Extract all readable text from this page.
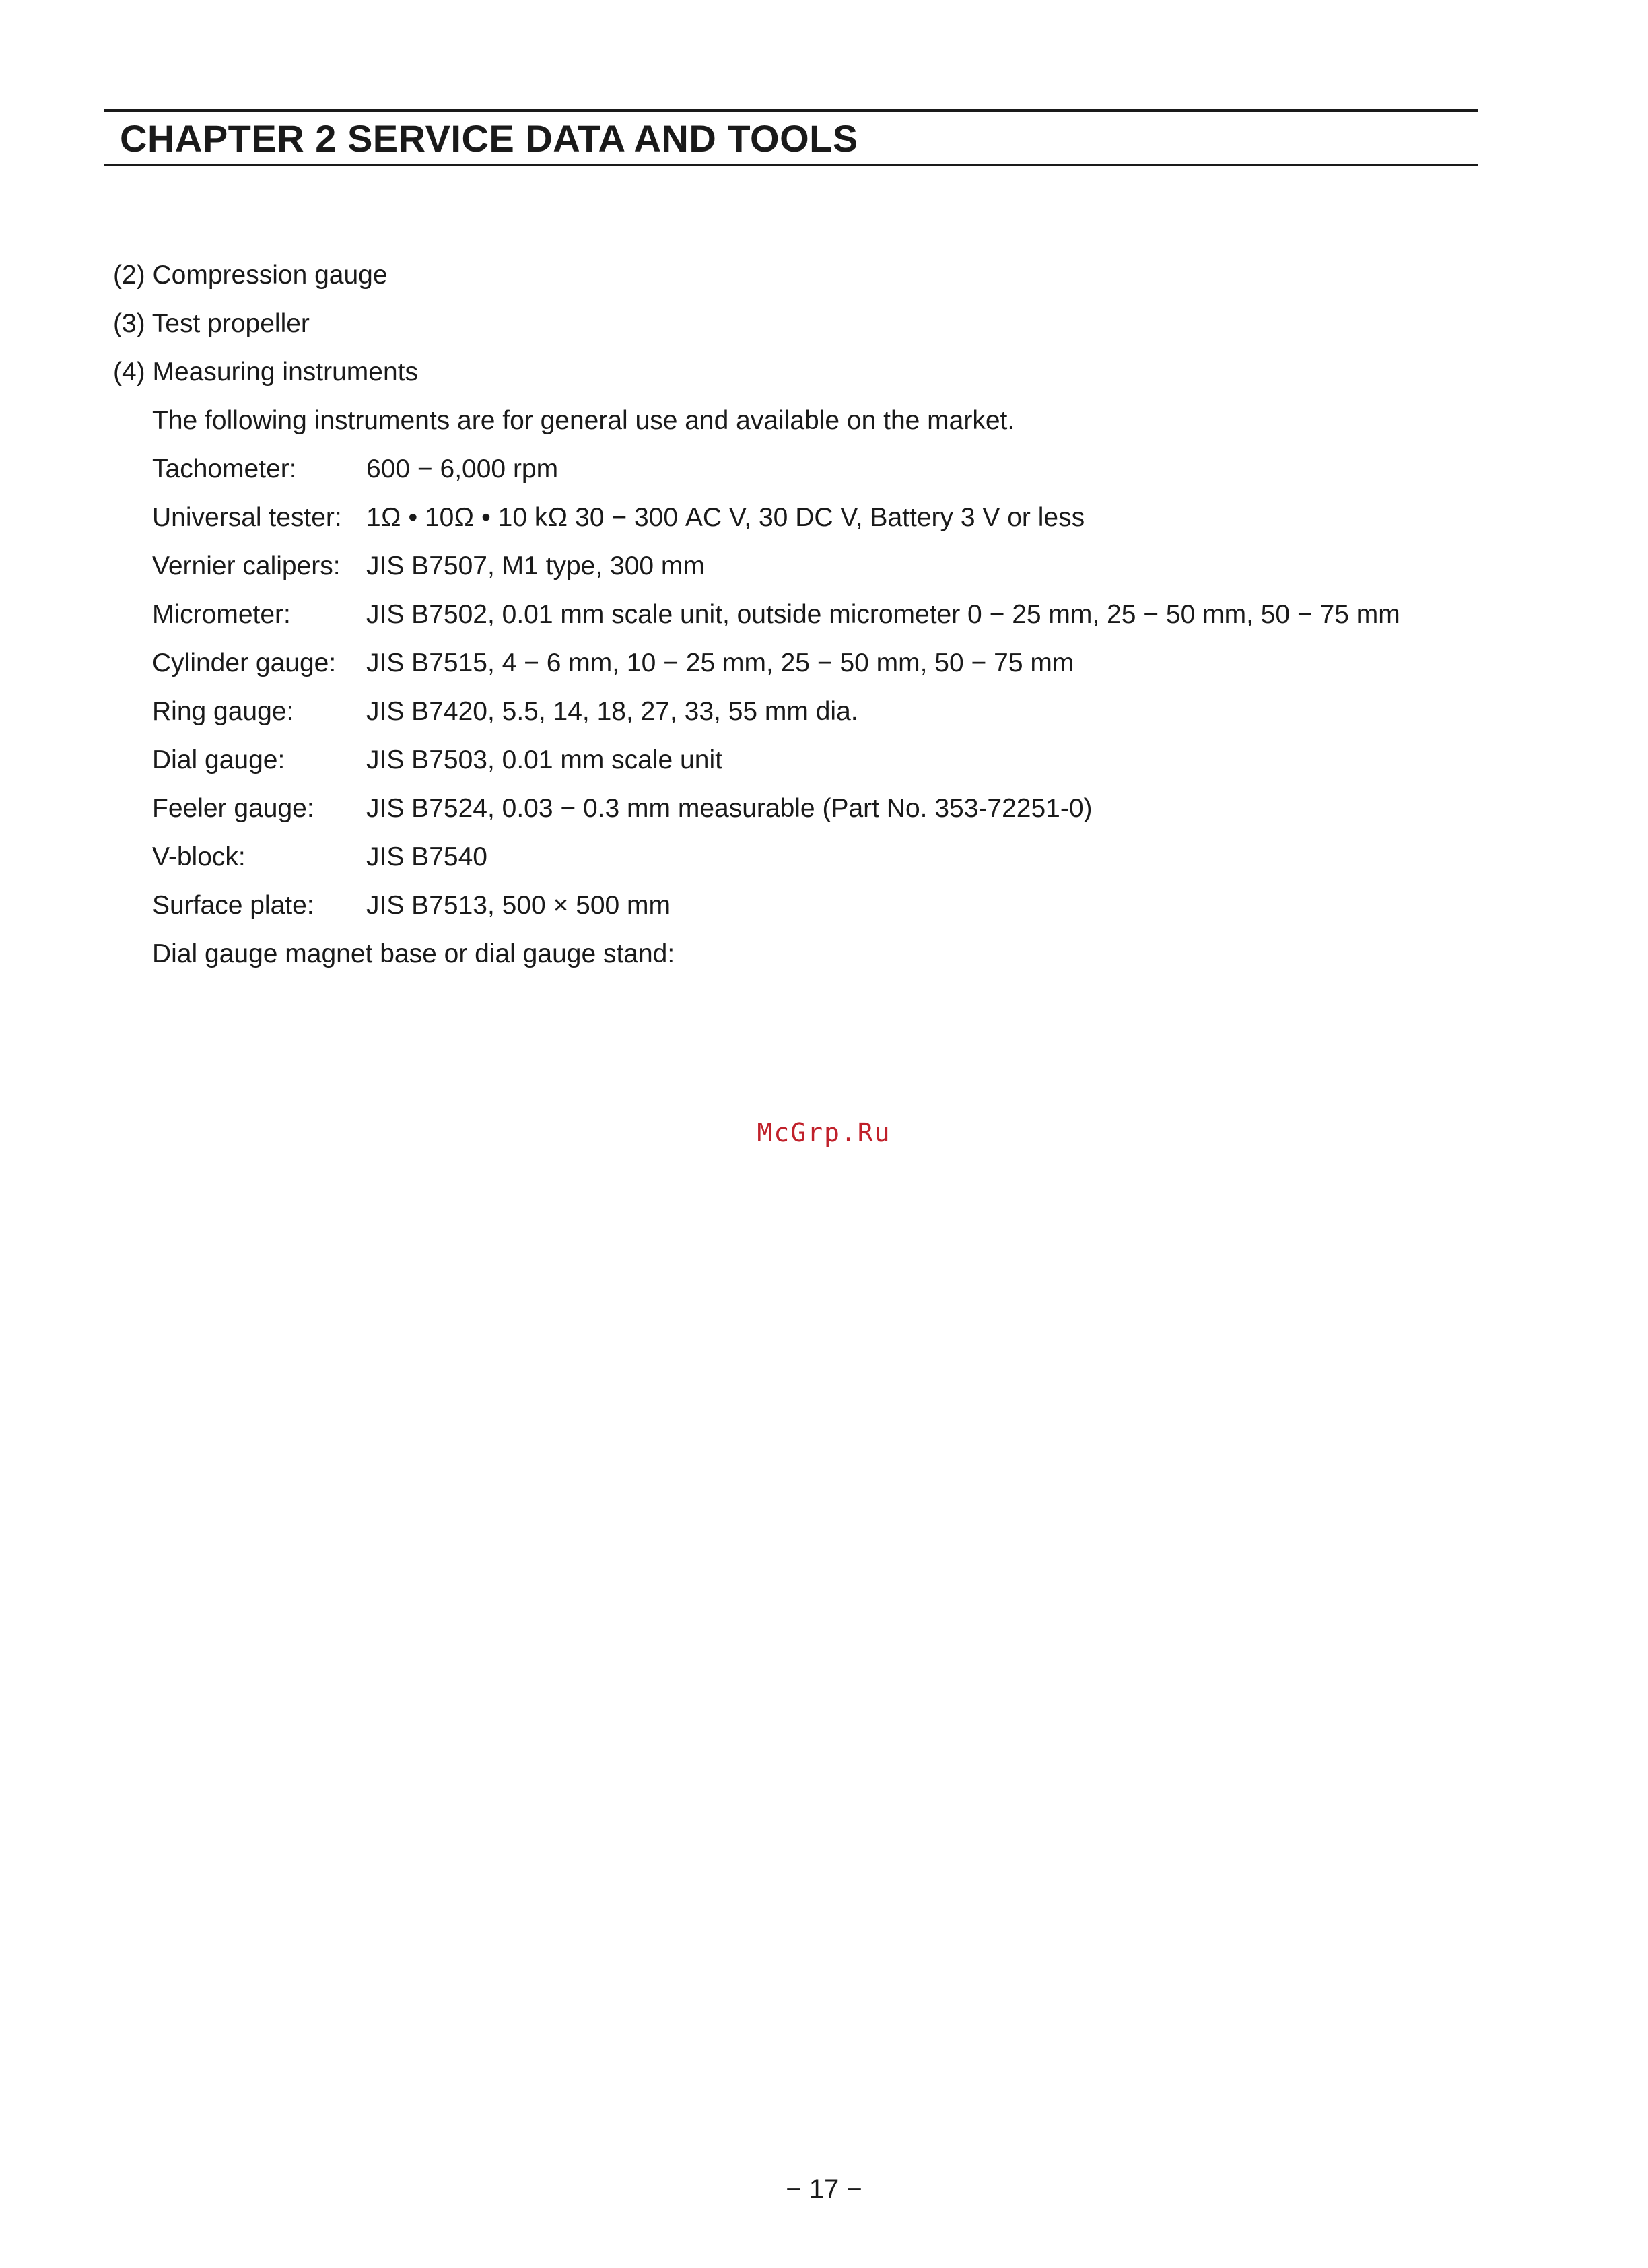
CHAPTER 2 SERVICE DATA AND TOOLS
(2) Compression gauge
(3) Test propeller
(4) Measuring instruments
The following instruments are for general use and available on the market.
Tachometer:	600 − 6,000 rpm
Universal tester: 1Ω • 10Ω • 10 kΩ 30 − 300 AC V, 30 DC V, Battery 3 V or less
Vernier calipers: JIS B7507, M1 type, 300 mm
Micrometer:	JIS B7502, 0.01 mm scale unit, outside micrometer 0 − 25 mm, 25 − 50 mm, 50 − 75 mm
Cylinder gauge: JIS B7515, 4 − 6 mm, 10 − 25 mm, 25 − 50 mm, 50 − 75 mm
Ring gauge:	JIS B7420, 5.5, 14, 18, 27, 33, 55 mm dia.
Dial gauge:	JIS B7503, 0.01 mm scale unit
Feeler gauge: JIS B7524, 0.03 − 0.3 mm measurable (Part No. 353-72251-0)
V-block:	JIS B7540
Surface plate: JIS B7513, 500 × 500 mm
Dial gauge magnet base or dial gauge stand:
McGrp.Ru
− 17 −
